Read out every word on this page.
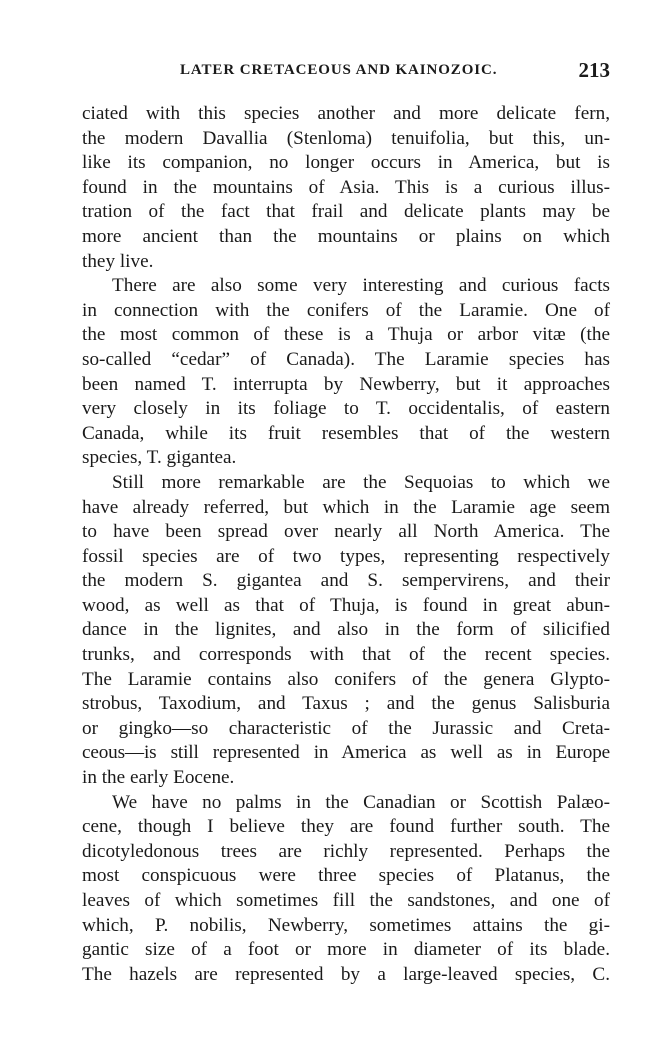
LATER CRETACEOUS AND KAINOZOIC.	213
ciated with this species another and more delicate fern,
the modern Davallia (Stenloma) tenuifolia, but this, un-
like its companion, no longer occurs in America, but is
found in the mountains of Asia. This is a curious illus-
tration of the fact that frail and delicate plants may be
more ancient than the mountains or plains on which
they live.
There are also some very interesting and curious facts
in connection with the conifers of the Laramie. One of
the most common of these is a Thuja or arbor vitæ (the
so-called “cedar” of Canada). The Laramie species has
been named T. interrupta by Newberry, but it approaches
very closely in its foliage to T. occidentalis, of eastern
Canada, while its fruit resembles that of the western
species, T. gigantea.
Still more remarkable are the Sequoias to which we
have already referred, but which in the Laramie age seem
to have been spread over nearly all North America. The
fossil species are of two types, representing respectively
the modern S. gigantea and S. sempervirens, and their
wood, as well as that of Thuja, is found in great abun-
dance in the lignites, and also in the form of silicified
trunks, and corresponds with that of the recent species.
The Laramie contains also conifers of the genera Glypto-
strobus, Taxodium, and Taxus ; and the genus Salisburia
or gingko—so characteristic of the Jurassic and Creta-
ceous—is still represented in America as well as in Europe
in the early Eocene.
We have no palms in the Canadian or Scottish Palæo-
cene, though I believe they are found further south. The
dicotyledonous trees are richly represented. Perhaps the
most conspicuous were three species of Platanus, the
leaves of which sometimes fill the sandstones, and one of
which, P. nobilis, Newberry, sometimes attains the gi-
gantic size of a foot or more in diameter of its blade.
The hazels are represented by a large-leaved species, C.
